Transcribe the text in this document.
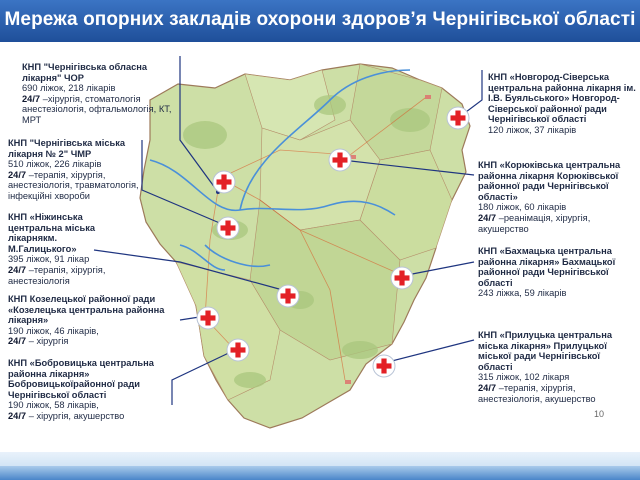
Мережа опорних закладів охорони здоров’я Чернігівської області
КНП "Чернігівська обласна лікарня" ЧОР
690 ліжок, 218 лікарів
24/7 –хірургія, стоматологія анестезіологія, офтальмологія, КТ, МРТ
КНП "Чернігівська міська лікарня № 2" ЧМР
510 ліжок, 226 лікарів
24/7 –терапія, хірургія, анестезіологія, травматологія, інфекційні хвороби
КНП «Ніжинська центральна міська лікарнякм. М.Галицького»
395 ліжок, 91 лікар
24/7 –терапія, хірургія, анестезіологія
КНП Козелецької районної ради «Козелецька центральна районна лікарня»
190 ліжок, 46 лікарів,
24/7 – хірургія
КНП «Бобровицька центральна районна лікарня» Бобровицькоїрайонної ради Чернігівської області
190 ліжок, 58 лікарів,
24/7 – хірургія, акушерство
КНП «Новгород-Сіверська центральна районна лікарня ім. І.В. Буяльського» Новгород-Сіверської районної ради Чернігівської області
120 ліжок, 37 лікарів
КНП «Корюківська центральна районна лікарня Корюківської районної ради Чернігівської області»
180 ліжок, 60 лікарів
24/7 –реанімація, хірургія, акушерство
КНП «Бахмацька центральна районна лікарня» Бахмацької районної ради Чернігівської області
243 ліжка, 59 лікарів
КНП «Прилуцька центральна міська лікарня» Прилуцької міської ради Чернігівської області
315 ліжок, 102 лікаря
24/7 –терапія, хірургія, анестезіологія, акушерство
10
